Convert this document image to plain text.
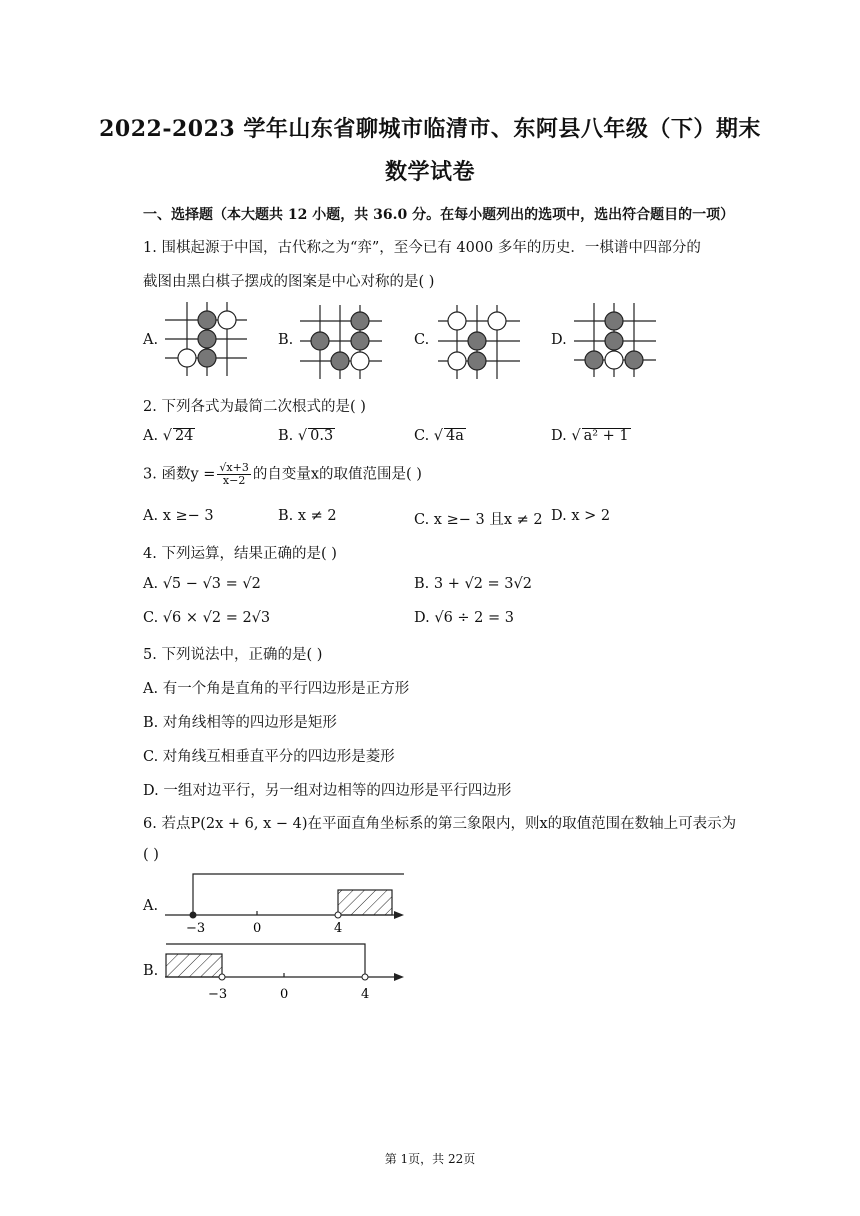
2022-2023 学年山东省聊城市临清市、东阿县八年级（下）期末
数学试卷
一、选择题（本大题共 12 小题，共 36.0 分。在每小题列出的选项中，选出符合题目的一项）
1. 围棋起源于中国，古代称之为“弈”，至今已有 4000 多年的历史．一棋谱中四部分的
截图由黑白棋子摆成的图案是中心对称的是( )
A.	B.	C.	D.
2. 下列各式为最简二次根式的是( )
A. √ 24	B. √ 0.3	C. √ 4a	D. √ a² + 1
3. 函数$y = \frac{√x+3}{x-2}$ 的自变量x的取值范围是( )
A. x ≥− 3	B. x ≠ 2	C. x ≥− 3 且x ≠ 2 D. x > 2
4. 下列运算，结果正确的是( )
A. √5 − √3 = √2	B. 3 + √2 = 3√2
C. √6 × √2 = 2√3	D. √6 ÷ 2 = 3
5. 下列说法中，正确的是( )
A. 有一个角是直角的平行四边形是正方形
B. 对角线相等的四边形是矩形
C. 对角线互相垂直平分的四边形是菱形
D. 一组对边平行，另一组对边相等的四边形是平行四边形
6. 若点P(2x + 6, x − 4)在平面直角坐标系的第三象限内，则x的取值范围在数轴上可表示为
( )
A.
−3	0	4
B.
−3	0	4
第 1页，共 22页
